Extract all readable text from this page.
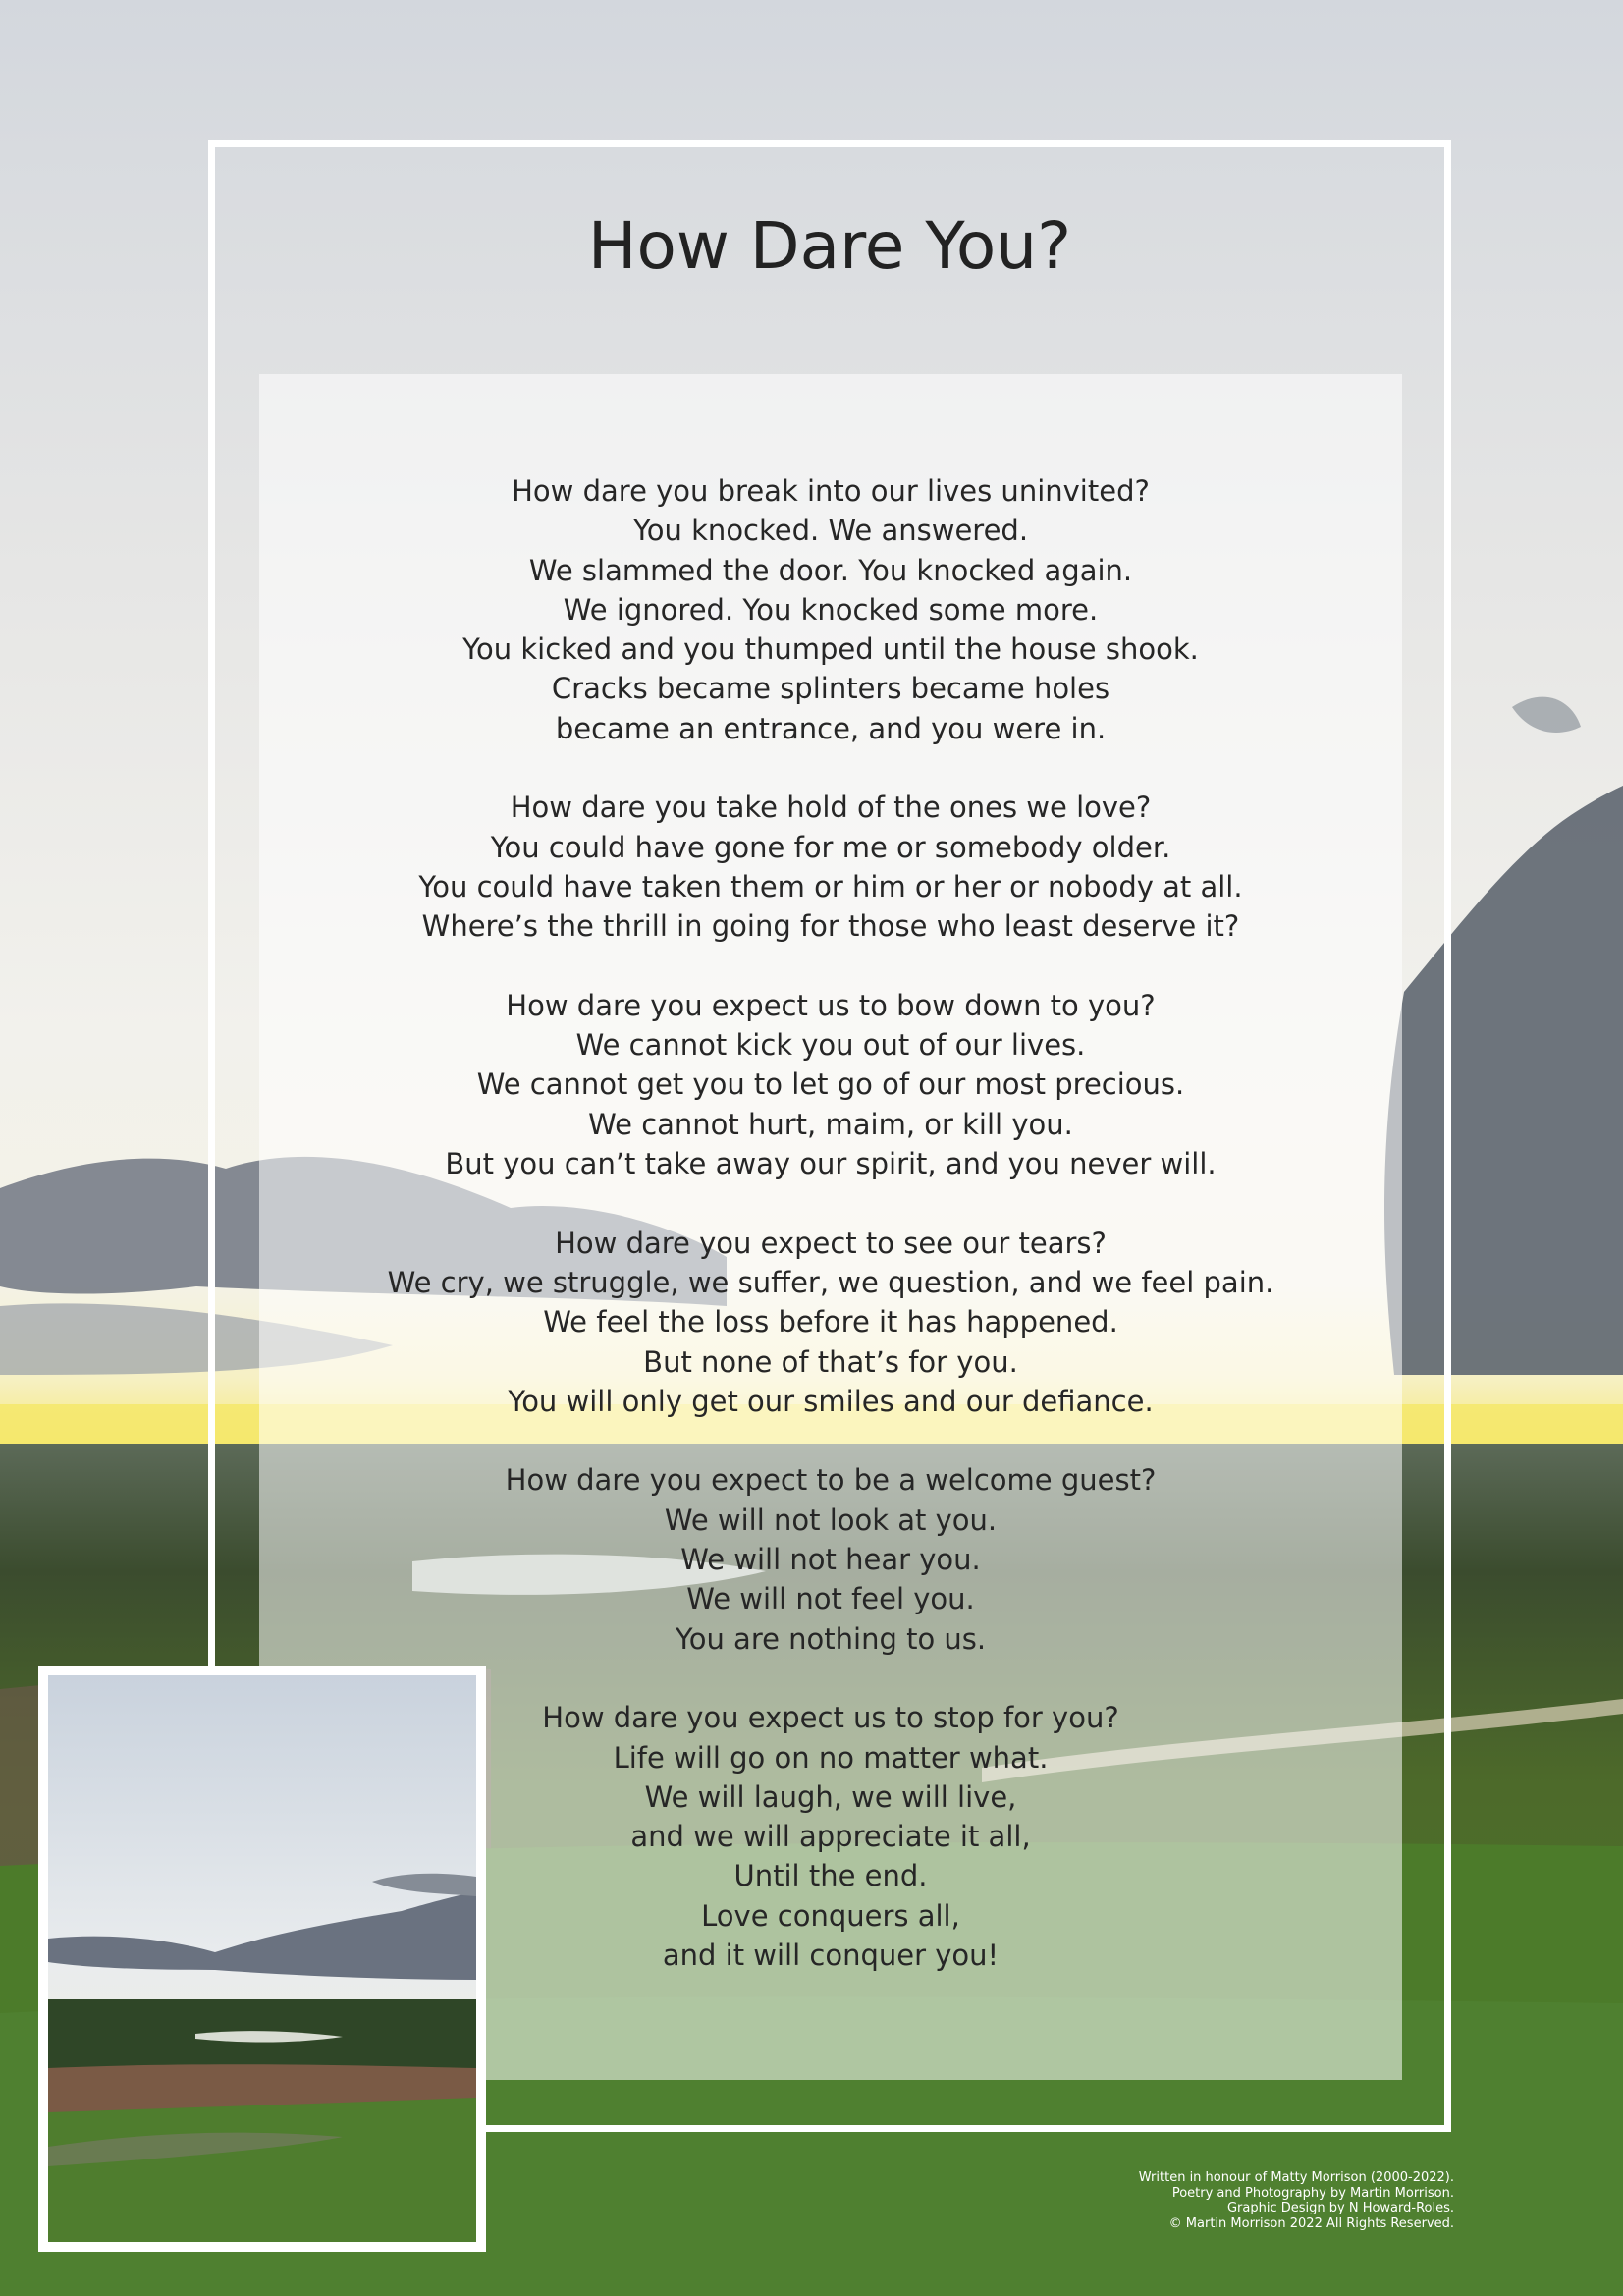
How Dare You?

How dare you break into our lives uninvited?
You knocked. We answered.
We slammed the door. You knocked again.
We ignored. You knocked some more.
You kicked and you thumped until the house shook.
Cracks became splinters became holes
became an entrance, and you were in.

How dare you take hold of the ones we love?
You could have gone for me or somebody older.
You could have taken them or him or her or nobody at all.
Where’s the thrill in going for those who least deserve it?

How dare you expect us to bow down to you?
We cannot kick you out of our lives.
We cannot get you to let go of our most precious.
We cannot hurt, maim, or kill you.
But you can’t take away our spirit, and you never will.

How dare you expect to see our tears?
We cry, we struggle, we suffer, we question, and we feel pain.
We feel the loss before it has happened.
But none of that’s for you.
You will only get our smiles and our defiance.

How dare you expect to be a welcome guest?
We will not look at you.
We will not hear you.
We will not feel you.
You are nothing to us.

How dare you expect us to stop for you?
Life will go on no matter what.
We will laugh, we will live,
and we will appreciate it all,
Until the end.
Love conquers all,
and it will conquer you!

Written in honour of Matty Morrison (2000-2022).
Poetry and Photography by Martin Morrison.
Graphic Design by N Howard-Roles.
© Martin Morrison 2022 All Rights Reserved.
